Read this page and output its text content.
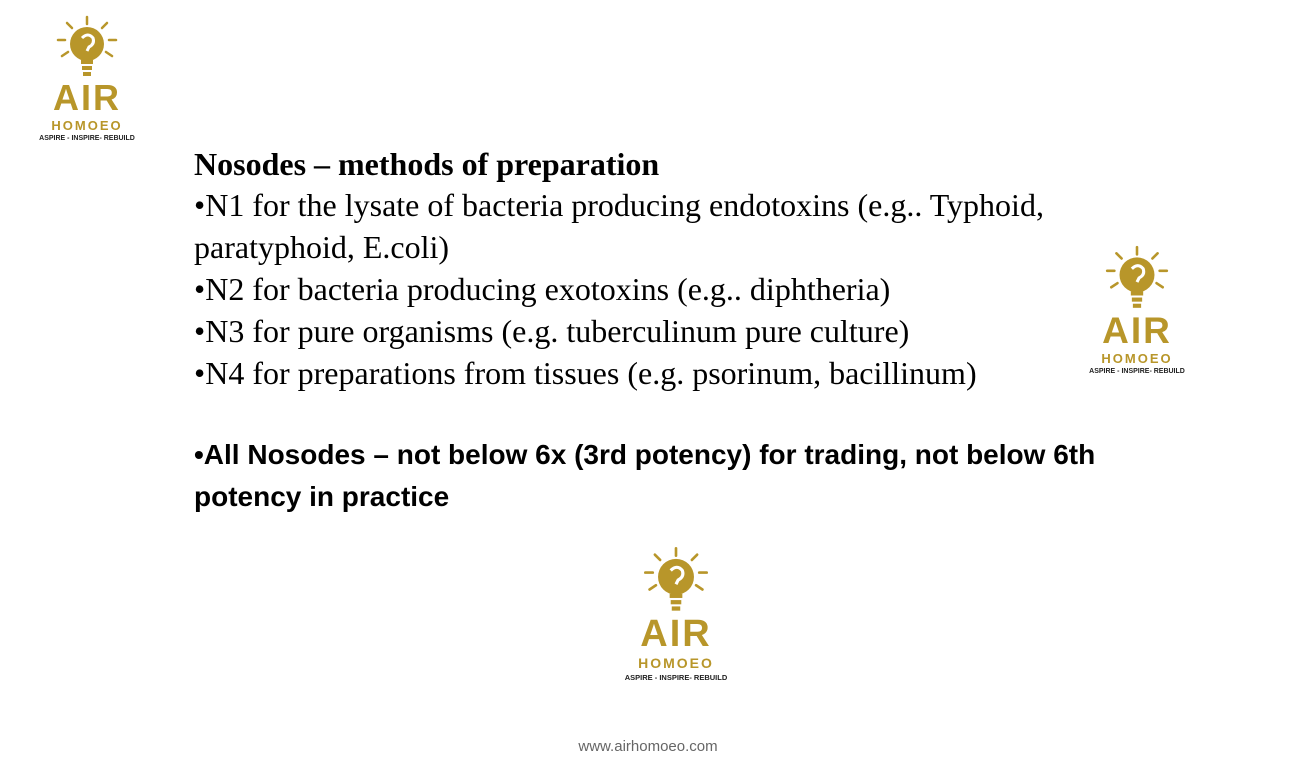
AIR
HOMOEO
ASPIRE - INSPIRE- REBUILD
Nosodes – methods of preparation
•N1 for the lysate of bacteria producing endotoxins (e.g.. Typhoid, paratyphoid, E.coli)
•N2 for bacteria producing exotoxins (e.g.. diphtheria)
•N3 for pure organisms (e.g. tuberculinum pure culture)
•N4 for preparations from tissues (e.g. psorinum, bacillinum)
•All Nosodes – not below 6x (3rd potency) for trading, not below 6th potency in practice
AIR
HOMOEO
ASPIRE - INSPIRE- REBUILD
AIR
HOMOEO
ASPIRE - INSPIRE- REBUILD
www.airhomoeo.com
